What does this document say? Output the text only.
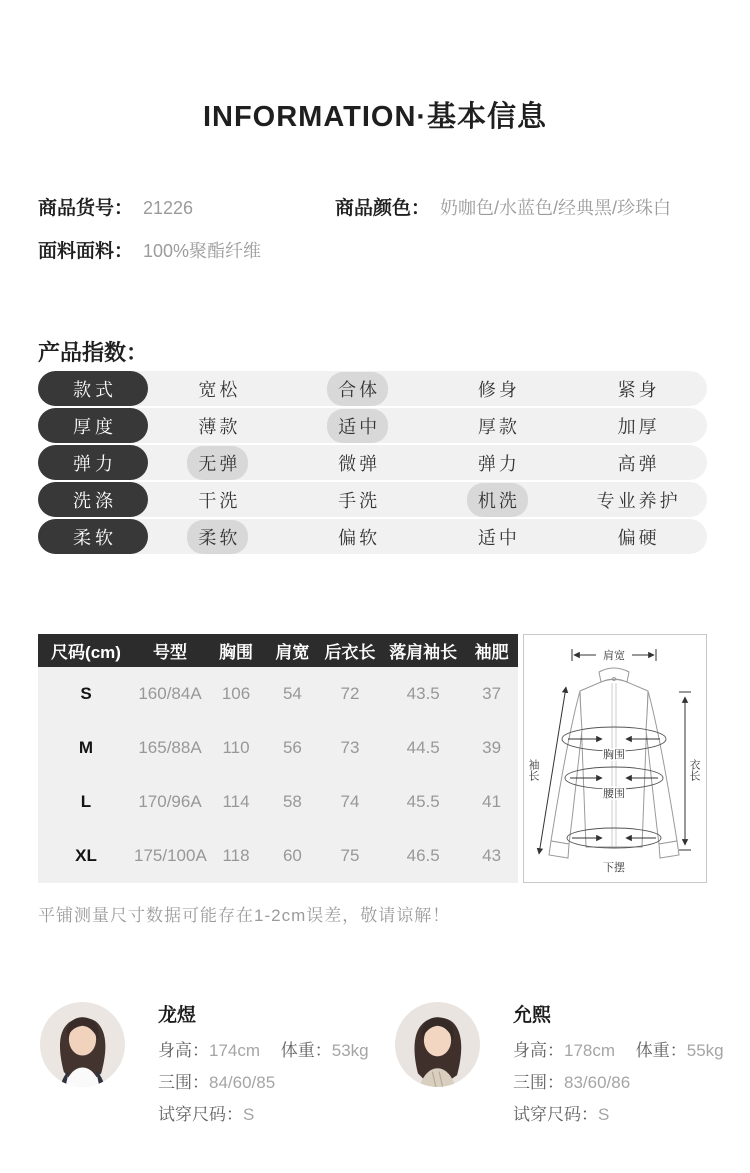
INFORMATION·基本信息
商品货号： 21226	商品颜色： 奶咖色/水蓝色/经典黑/珍珠白
面料面料： 100%聚酯纤维
产品指数：
款式	宽松	合体	修身	紧身
厚度	薄款	适中	厚款	加厚
弹力	无弹	微弹	弹力	高弹
洗涤	干洗	手洗	机洗	专业养护
柔软	柔软	偏软	适中	偏硬
尺码(cm)	号型	胸围	肩宽 后衣长 落肩袖长	袖肥
S	160/84A	106	54	72	43.5	37
M	165/88A	110	56	73	44.5	39
L	170/96A	114	58	74	45.5	41
XL	175/100A 118	60	75	46.5	43
肩宽
胸围
腰围
下摆
衣长
袖长
平铺测量尺寸数据可能存在1-2cm误差，敬请谅解！
龙煜
身高：174cm 体重：53kg
三围：84/60/85
试穿尺码：S
允熙
身高：178cm 体重：55kg
三围：83/60/86
试穿尺码：S
